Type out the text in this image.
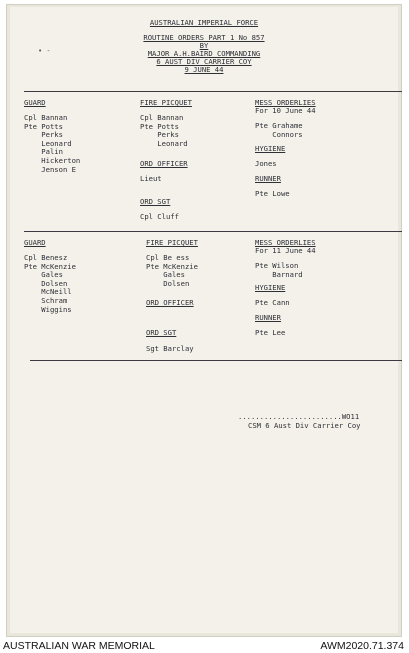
• -
AUSTRALIAN IMPERIAL FORCE
ROUTINE ORDERS PART 1 No 857
BY
MAJOR A.H.BAIRD COMMANDING
6 AUST DIV CARRIER COY
9 JUNE 44
GUARD
Cpl Bannan
Pte Potts
Perks
Leonard
Palin
Hickerton
Jenson E
FIRE PICQUET
Cpl Bannan
Pte Potts
Perks
Leonard
ORD OFFICER
Lieut
ORD SGT
Cpl Cluff
MESS ORDERLIES
For 10 June 44
Pte Grahame
Connors
HYGIENE
Jones
RUNNER
Pte Lowe
GUARD
Cpl Benesz
Pte McKenzie
Gales
Dolsen
McNeill
Schram
Wiggins
FIRE PICQUET
Cpl Be ess
Pte McKenzie
Gales
Dolsen
ORD OFFICER
ORD SGT
Sgt Barclay
MESS ORDERLIES
For 11 June 44
Pte Wilson
Barnard
HYGIENE
Pte Cann
RUNNER
Pte Lee
........................WO11
CSM 6 Aust Div Carrier Coy
AUSTRALIAN WAR MEMORIAL	AWM2020.71.374
